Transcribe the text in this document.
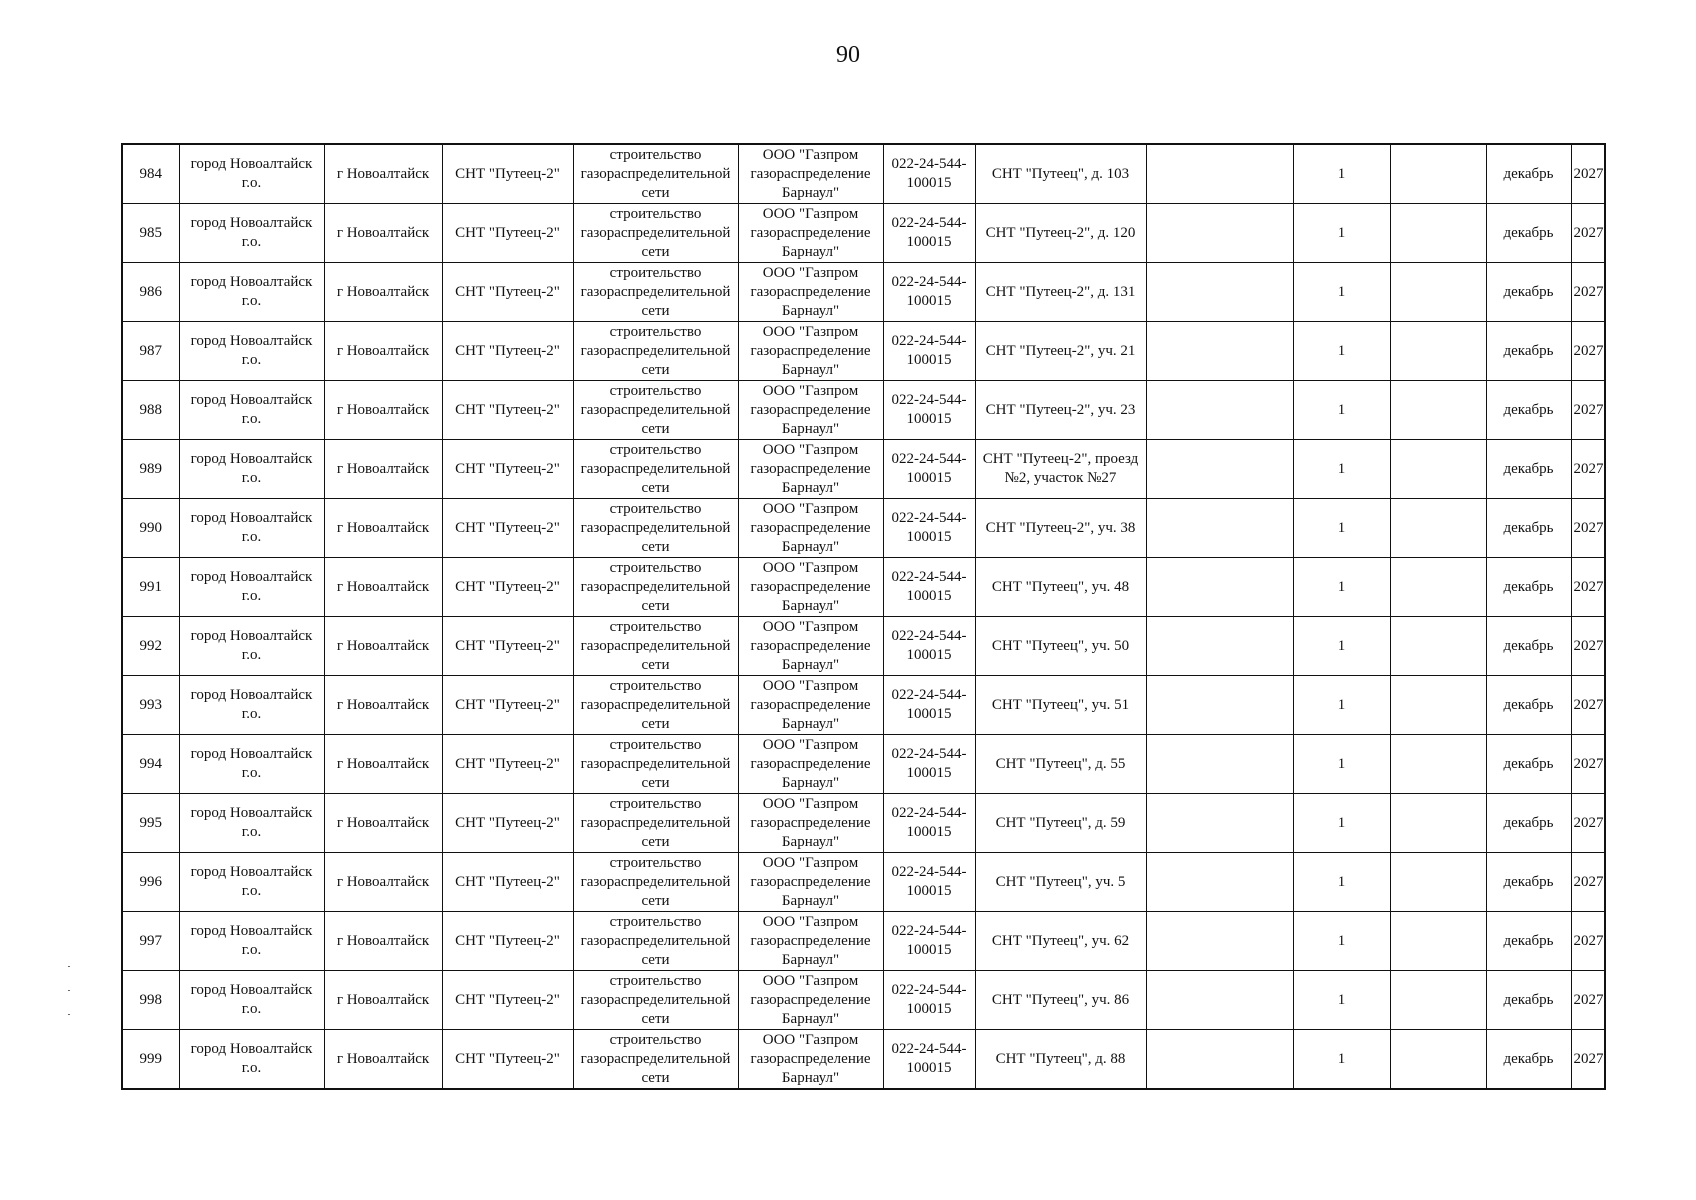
90
984	город Новоалтайск г.о.	г Новоалтайск	СНТ "Путеец-2"	строительство газораспределительной сети	ООО "Газпром газораспределение Барнаул"	022-24-544-100015	СНТ "Путеец", д. 103		1		декабрь	2027
985	город Новоалтайск г.о.	г Новоалтайск	СНТ "Путеец-2"	строительство газораспределительной сети	ООО "Газпром газораспределение Барнаул"	022-24-544-100015	СНТ "Путеец-2", д. 120		1		декабрь	2027
986	город Новоалтайск г.о.	г Новоалтайск	СНТ "Путеец-2"	строительство газораспределительной сети	ООО "Газпром газораспределение Барнаул"	022-24-544-100015	СНТ "Путеец-2", д. 131		1		декабрь	2027
987	город Новоалтайск г.о.	г Новоалтайск	СНТ "Путеец-2"	строительство газораспределительной сети	ООО "Газпром газораспределение Барнаул"	022-24-544-100015	СНТ "Путеец-2", уч. 21		1		декабрь	2027
988	город Новоалтайск г.о.	г Новоалтайск	СНТ "Путеец-2"	строительство газораспределительной сети	ООО "Газпром газораспределение Барнаул"	022-24-544-100015	СНТ "Путеец-2", уч. 23		1		декабрь	2027
989	город Новоалтайск г.о.	г Новоалтайск	СНТ "Путеец-2"	строительство газораспределительной сети	ООО "Газпром газораспределение Барнаул"	022-24-544-100015	СНТ "Путеец-2", проезд №2, участок №27		1		декабрь	2027
990	город Новоалтайск г.о.	г Новоалтайск	СНТ "Путеец-2"	строительство газораспределительной сети	ООО "Газпром газораспределение Барнаул"	022-24-544-100015	СНТ "Путеец-2", уч. 38		1		декабрь	2027
991	город Новоалтайск г.о.	г Новоалтайск	СНТ "Путеец-2"	строительство газораспределительной сети	ООО "Газпром газораспределение Барнаул"	022-24-544-100015	СНТ "Путеец", уч. 48		1		декабрь	2027
992	город Новоалтайск г.о.	г Новоалтайск	СНТ "Путеец-2"	строительство газораспределительной сети	ООО "Газпром газораспределение Барнаул"	022-24-544-100015	СНТ "Путеец", уч. 50		1		декабрь	2027
993	город Новоалтайск г.о.	г Новоалтайск	СНТ "Путеец-2"	строительство газораспределительной сети	ООО "Газпром газораспределение Барнаул"	022-24-544-100015	СНТ "Путеец", уч. 51		1		декабрь	2027
994	город Новоалтайск г.о.	г Новоалтайск	СНТ "Путеец-2"	строительство газораспределительной сети	ООО "Газпром газораспределение Барнаул"	022-24-544-100015	СНТ "Путеец", д. 55		1		декабрь	2027
995	город Новоалтайск г.о.	г Новоалтайск	СНТ "Путеец-2"	строительство газораспределительной сети	ООО "Газпром газораспределение Барнаул"	022-24-544-100015	СНТ "Путеец", д. 59		1		декабрь	2027
996	город Новоалтайск г.о.	г Новоалтайск	СНТ "Путеец-2"	строительство газораспределительной сети	ООО "Газпром газораспределение Барнаул"	022-24-544-100015	СНТ "Путеец", уч. 5		1		декабрь	2027
997	город Новоалтайск г.о.	г Новоалтайск	СНТ "Путеец-2"	строительство газораспределительной сети	ООО "Газпром газораспределение Барнаул"	022-24-544-100015	СНТ "Путеец", уч. 62		1		декабрь	2027
998	город Новоалтайск г.о.	г Новоалтайск	СНТ "Путеец-2"	строительство газораспределительной сети	ООО "Газпром газораспределение Барнаул"	022-24-544-100015	СНТ "Путеец", уч. 86		1		декабрь	2027
999	город Новоалтайск г.о.	г Новоалтайск	СНТ "Путеец-2"	строительство газораспределительной сети	ООО "Газпром газораспределение Барнаул"	022-24-544-100015	СНТ "Путеец", д. 88		1		декабрь	2027
